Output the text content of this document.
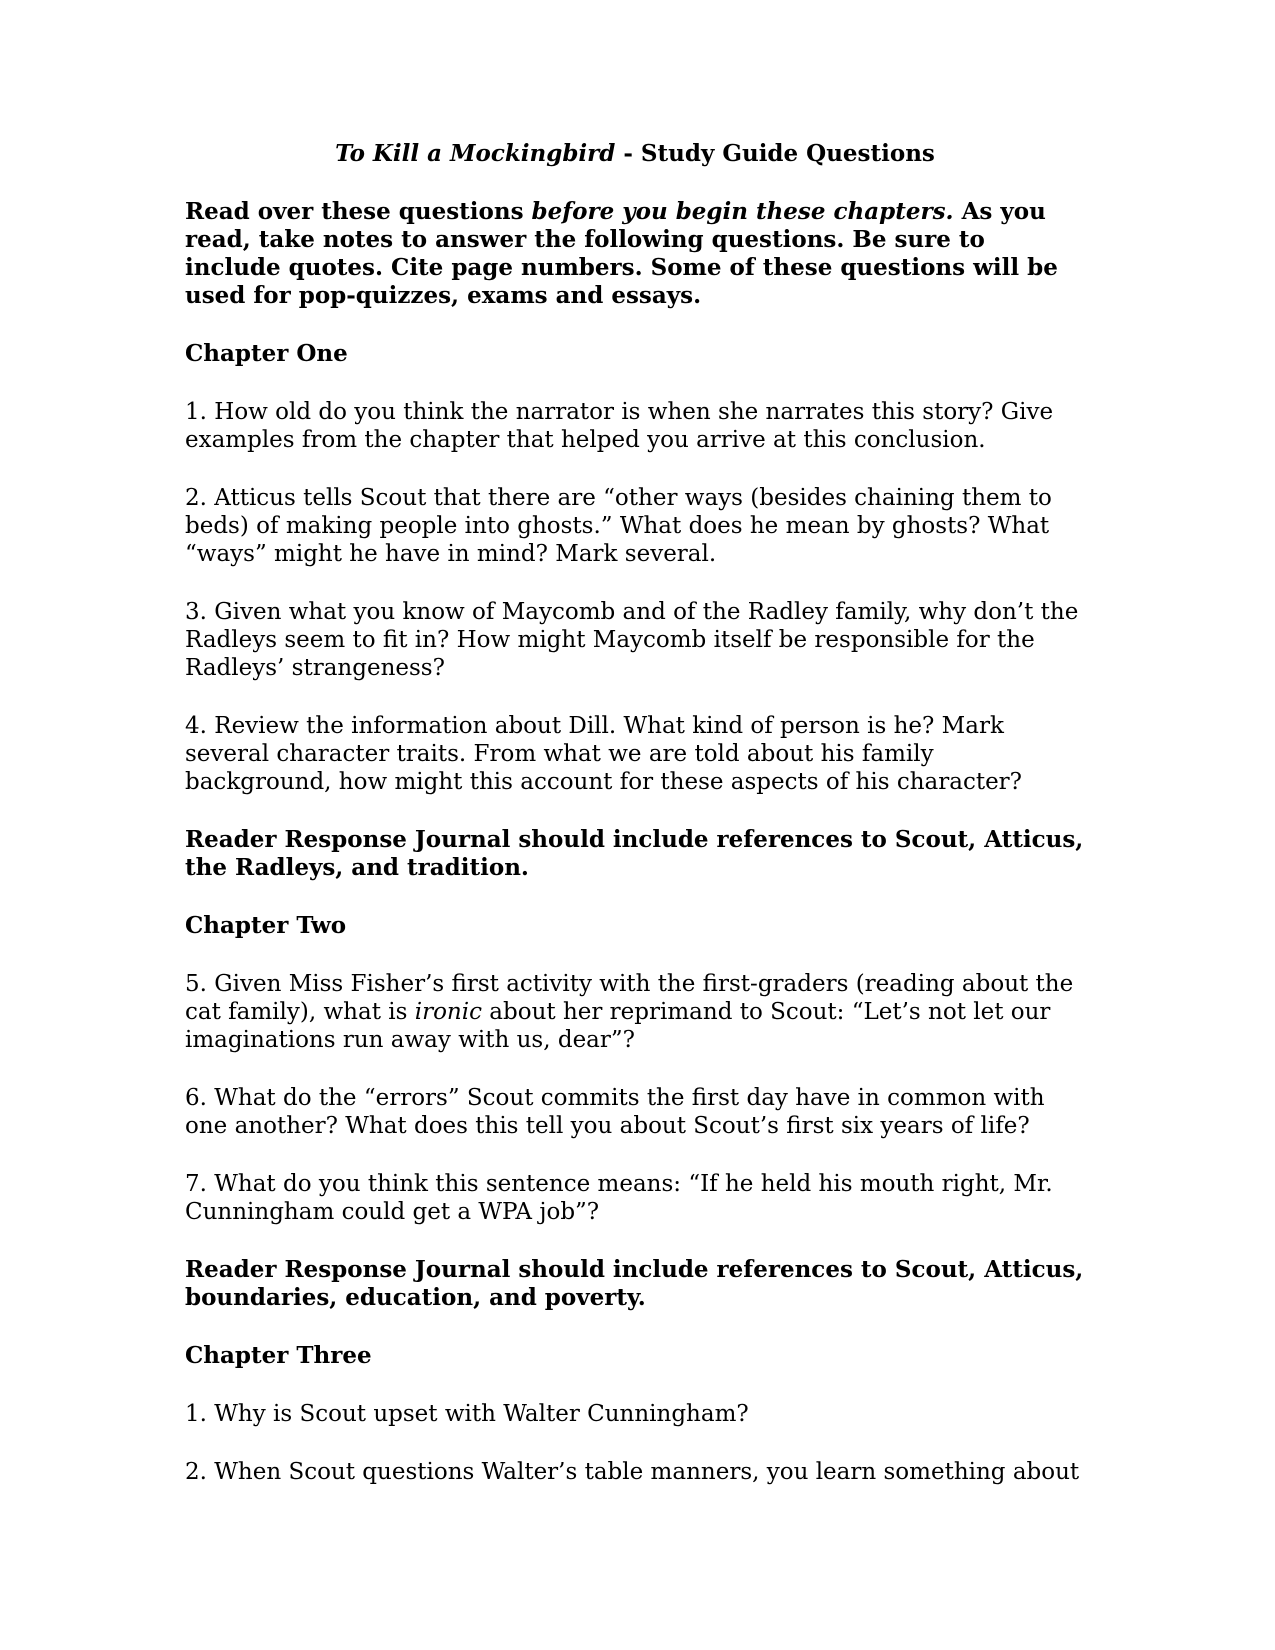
To Kill a Mockingbird - Study Guide Questions
Read over these questions before you begin these chapters. As you read, take notes to answer the following questions. Be sure to include quotes. Cite page numbers. Some of these questions will be used for pop-quizzes, exams and essays.
Chapter One
1. How old do you think the narrator is when she narrates this story? Give examples from the chapter that helped you arrive at this conclusion.
2. Atticus tells Scout that there are “other ways (besides chaining them to beds) of making people into ghosts.” What does he mean by ghosts? What “ways” might he have in mind? Mark several.
3. Given what you know of Maycomb and of the Radley family, why don’t the Radleys seem to fit in? How might Maycomb itself be responsible for the Radleys’ strangeness?
4. Review the information about Dill. What kind of person is he? Mark several character traits. From what we are told about his family background, how might this account for these aspects of his character?
Reader Response Journal should include references to Scout, Atticus, the Radleys, and tradition.
Chapter Two
5. Given Miss Fisher’s first activity with the first-graders (reading about the cat family), what is ironic about her reprimand to Scout: “Let’s not let our imaginations run away with us, dear”?
6. What do the “errors” Scout commits the first day have in common with one another? What does this tell you about Scout’s first six years of life?
7. What do you think this sentence means: “If he held his mouth right, Mr. Cunningham could get a WPA job”?
Reader Response Journal should include references to Scout, Atticus, boundaries, education, and poverty.
Chapter Three
1. Why is Scout upset with Walter Cunningham?
2. When Scout questions Walter’s table manners, you learn something about
